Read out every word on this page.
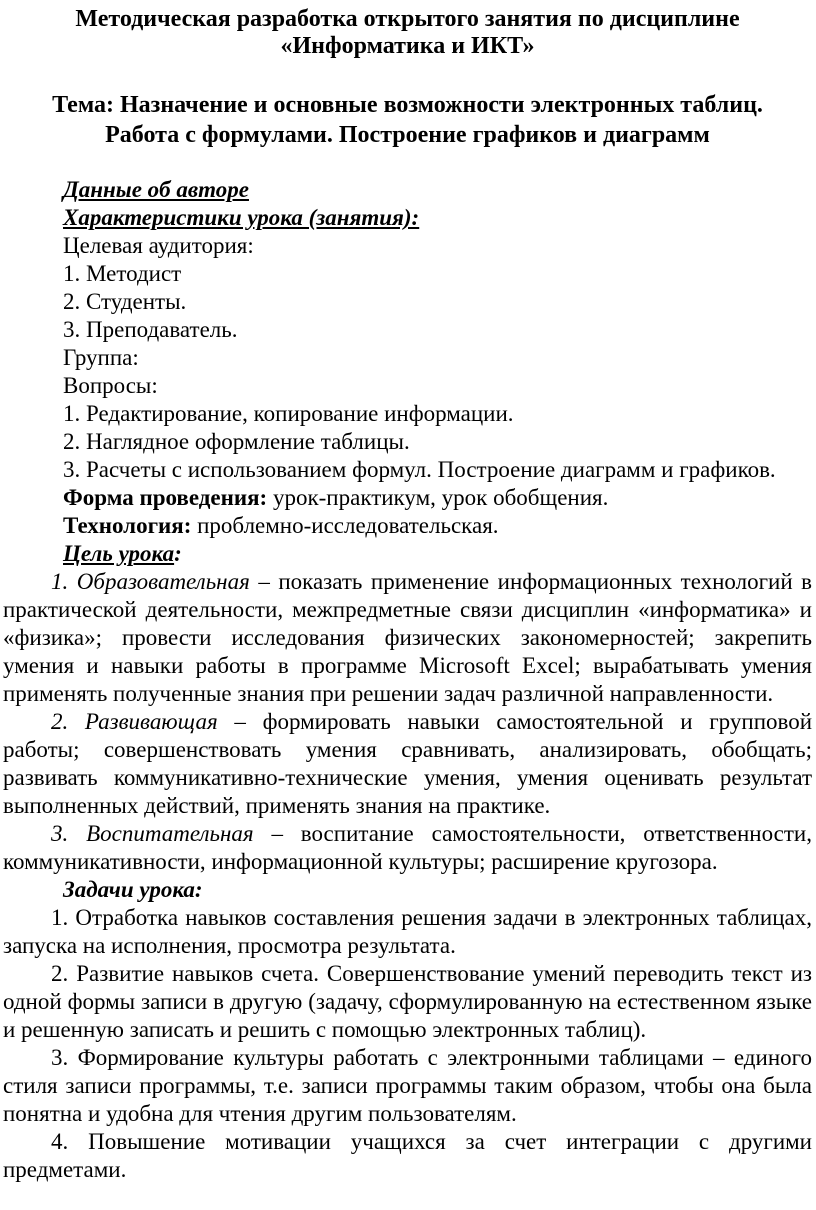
Методическая разработка открытого занятия по дисциплине «Информатика и ИКТ»
Тема: Назначение и основные возможности электронных таблиц. Работа с формулами. Построение графиков и диаграмм

Данные об авторе

Характеристики урока (занятия):

Целевая аудитория:

1. Методист

2. Студенты.

3. Преподаватель.

Группа:

Вопросы:

1. Редактирование, копирование информации.

2. Наглядное оформление таблицы.

3. Расчеты с использованием формул. Построение диаграмм и графиков.

Форма проведения: урок-практикум, урок обобщения.

Технология: проблемно-исследовательская.

Цель урока:

1. Образовательная – показать применение информационных технологий в практической деятельности, межпредметные связи дисциплин «информатика» и «физика»; провести исследования физических закономерностей; закрепить умения и навыки работы в программе Microsoft Excel; вырабатывать умения применять полученные знания при решении задач различной направленности.

2. Развивающая – формировать навыки самостоятельной и групповой работы; совершенствовать умения сравнивать, анализировать, обобщать; развивать коммуникативно-технические умения, умения оценивать результат выполненных действий, применять знания на практике.

3. Воспитательная – воспитание самостоятельности, ответственности, коммуникативности, информационной культуры; расширение кругозора.

Задачи урока:

1. Отработка навыков составления решения задачи в электронных таблицах, запуска на исполнения, просмотра результата.

2. Развитие навыков счета. Совершенствование умений переводить текст из одной формы записи в другую (задачу, сформулированную на естественном языке и решенную записать и решить с помощью электронных таблиц).

3. Формирование культуры работать с электронными таблицами – единого стиля записи программы, т.е. записи программы таким образом, чтобы она была понятна и удобна для чтения другим пользователям.

4. Повышение мотивации учащихся за счет интеграции с другими предметами.
